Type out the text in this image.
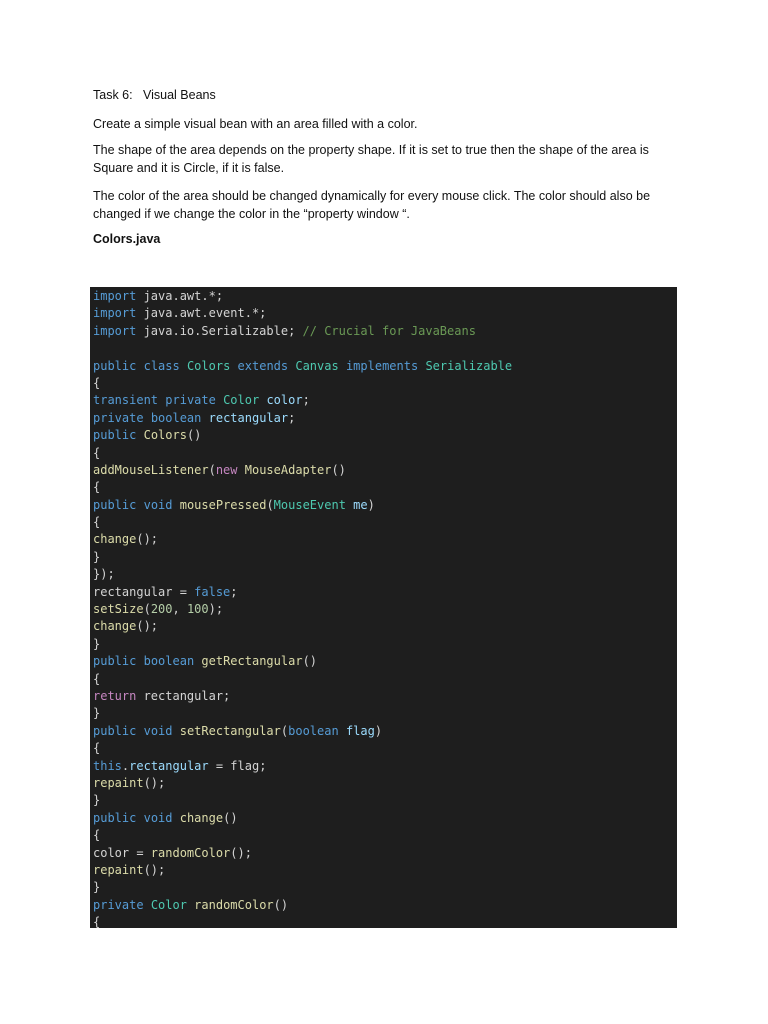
Task 6:   Visual Beans
Create a simple visual bean with an area filled with a color.
The shape of the area depends on the property shape. If it is set to true then the shape of the area is Square and it is Circle, if it is false.
The color of the area should be changed dynamically for every mouse click. The color should also be changed if we change the color in the “property window “.
Colors.java
import java.awt.*;
import java.awt.event.*;
import java.io.Serializable; // Crucial for JavaBeans

public class Colors extends Canvas implements Serializable
{
transient private Color color;
private boolean rectangular;
public Colors()
{
addMouseListener(new MouseAdapter()
{
public void mousePressed(MouseEvent me)
{
change();
}
});
rectangular = false;
setSize(200, 100);
change();
}
public boolean getRectangular()
{
return rectangular;
}
public void setRectangular(boolean flag)
{
this.rectangular = flag;
repaint();
}
public void change()
{
color = randomColor();
repaint();
}
private Color randomColor()
{
